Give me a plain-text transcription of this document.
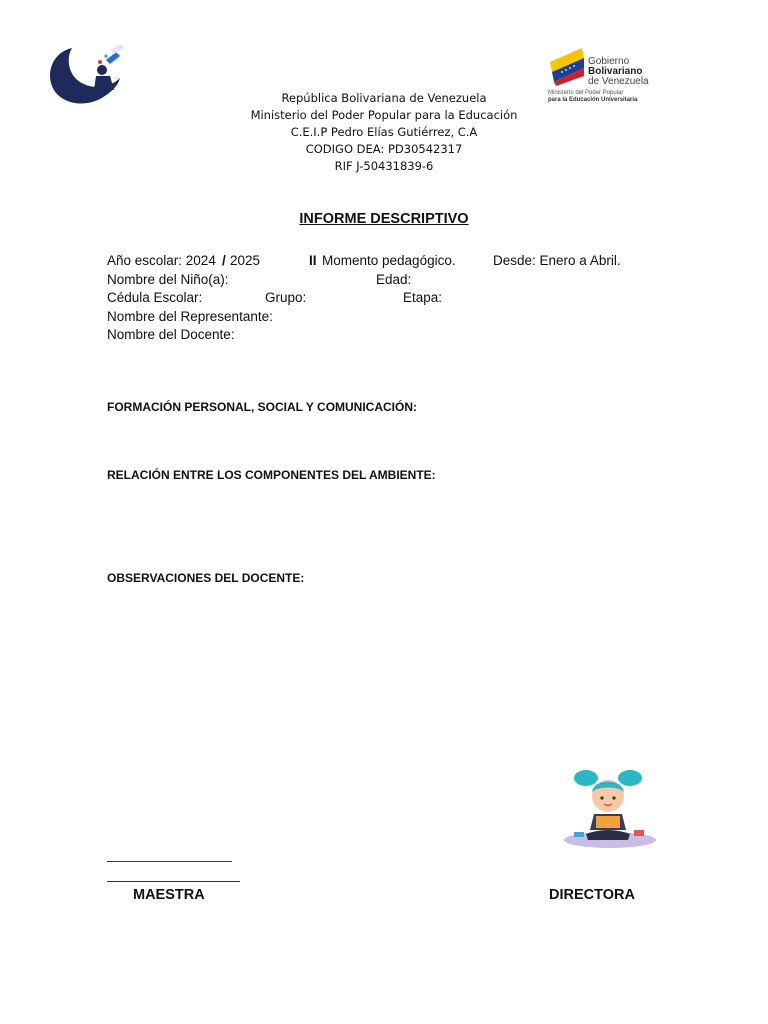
Gobierno
Bolivariano
de Venezuela
Ministerio del Poder Popular
para la Educación Universitaria
República Bolivariana de Venezuela
Ministerio del Poder Popular para la Educación
C.E.I.P Pedro Elías Gutiérrez, C.A
CODIGO DEA: PD30542317
RIF J-50431839-6
INFORME DESCRIPTIVO
Año escolar: 2024 / 2025	II Momento pedagógico.	Desde: Enero a Abril.
Nombre del Niño(a):	Edad:
Cédula Escolar:	Grupo:	Etapa:
Nombre del Representante:
Nombre del Docente:
FORMACIÓN PERSONAL, SOCIAL Y COMUNICACIÓN:
RELACIÓN ENTRE LOS COMPONENTES DEL AMBIENTE:
OBSERVACIONES DEL DOCENTE:
MAESTRA	DIRECTORA
